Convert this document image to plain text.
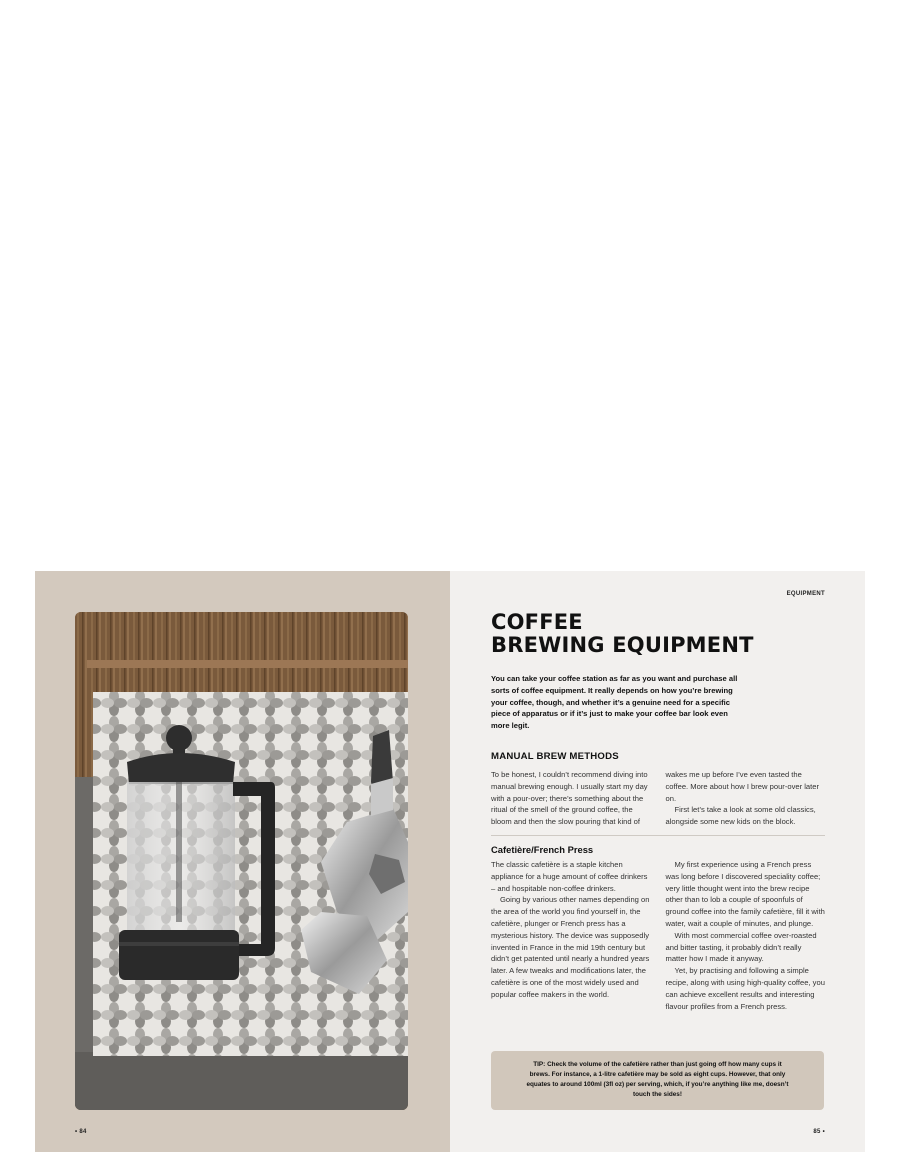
• 84
EQUIPMENT
COFFEE
BREWING EQUIPMENT

You can take your coffee station as far as you want and purchase all sorts of coffee equipment. It really depends on how you’re brewing your coffee, though, and whether it’s a genuine need for a specific piece of apparatus or if it’s just to make your coffee bar look even more legit.

MANUAL BREW METHODS

To be honest, I couldn’t recommend diving into manual brewing enough. I usually start my day with a pour-over; there’s something about the ritual of the smell of the ground coffee, the bloom and then the slow pouring that kind of wakes me up before I’ve even tasted the coffee. More about how I brew pour-over later on.

First let’s take a look at some old classics, alongside some new kids on the block.

Cafetière/French Press

The classic cafetière is a staple kitchen appliance for a huge amount of coffee drinkers – and hospitable non-coffee drinkers.

Going by various other names depending on the area of the world you find yourself in, the cafetière, plunger or French press has a mysterious history. The device was supposedly invented in France in the mid 19th century but didn’t get patented until nearly a hundred years later. A few tweaks and modifications later, the cafetière is one of the most widely used and popular coffee makers in the world.

My first experience using a French press was long before I discovered speciality coffee; very little thought went into the brew recipe other than to lob a couple of spoonfuls of ground coffee into the family cafetière, fill it with water, wait a couple of minutes, and plunge.

With most commercial coffee over-roasted and bitter tasting, it probably didn’t really matter how I made it anyway.

Yet, by practising and following a simple recipe, along with using high-quality coffee, you can achieve excellent results and interesting flavour profiles from a French press.

TIP: Check the volume of the cafetière rather than just going off how many cups it brews. For instance, a 1-litre cafetière may be sold as eight cups. However, that only equates to around 100ml (3fl oz) per serving, which, if you’re anything like me, doesn’t touch the sides!
85 •
